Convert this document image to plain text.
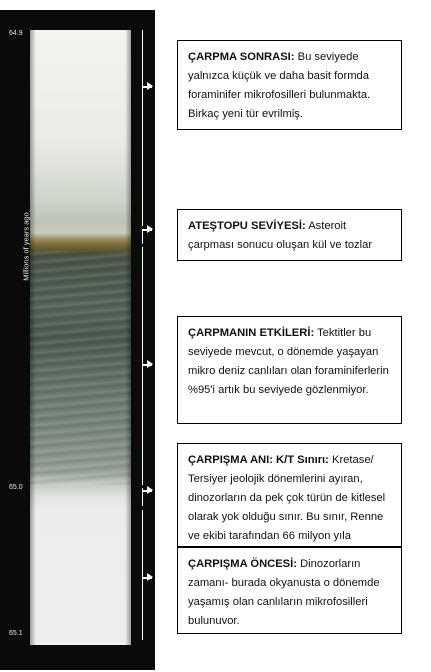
64.9
65.0
65.1
Millions of years ago
ÇARPMA SONRASI: Bu seviyede yalnızca küçük ve daha basit formda foraminifer mikrofosilleri bulunmakta. Birkaç yeni tür evrilmiş.
ATEŞTOPU SEVİYESİ: Asteroit çarpması sonucu oluşan kül ve tozlar
ÇARPMANIN ETKİLERİ: Tektitler bu seviyede mevcut, o dönemde yaşayan mikro deniz canlıları olan foraminiferlerin %95'i artık bu seviyede gözlenmiyor.
ÇARPIŞMA ANI: K/T Sınırı: Kretase/ Tersiyer jeolojik dönemlerini ayıran, dinozorların da pek çok türün de kitlesel olarak yok olduğu sınır. Bu sınır, Renne ve ekibi tarafından 66 milyon yıla
ÇARPIŞMA ÖNCESİ: Dinozorların zamanı- burada okyanusta o dönemde yaşamış olan canlıların mikrofosilleri bulunuvor.
